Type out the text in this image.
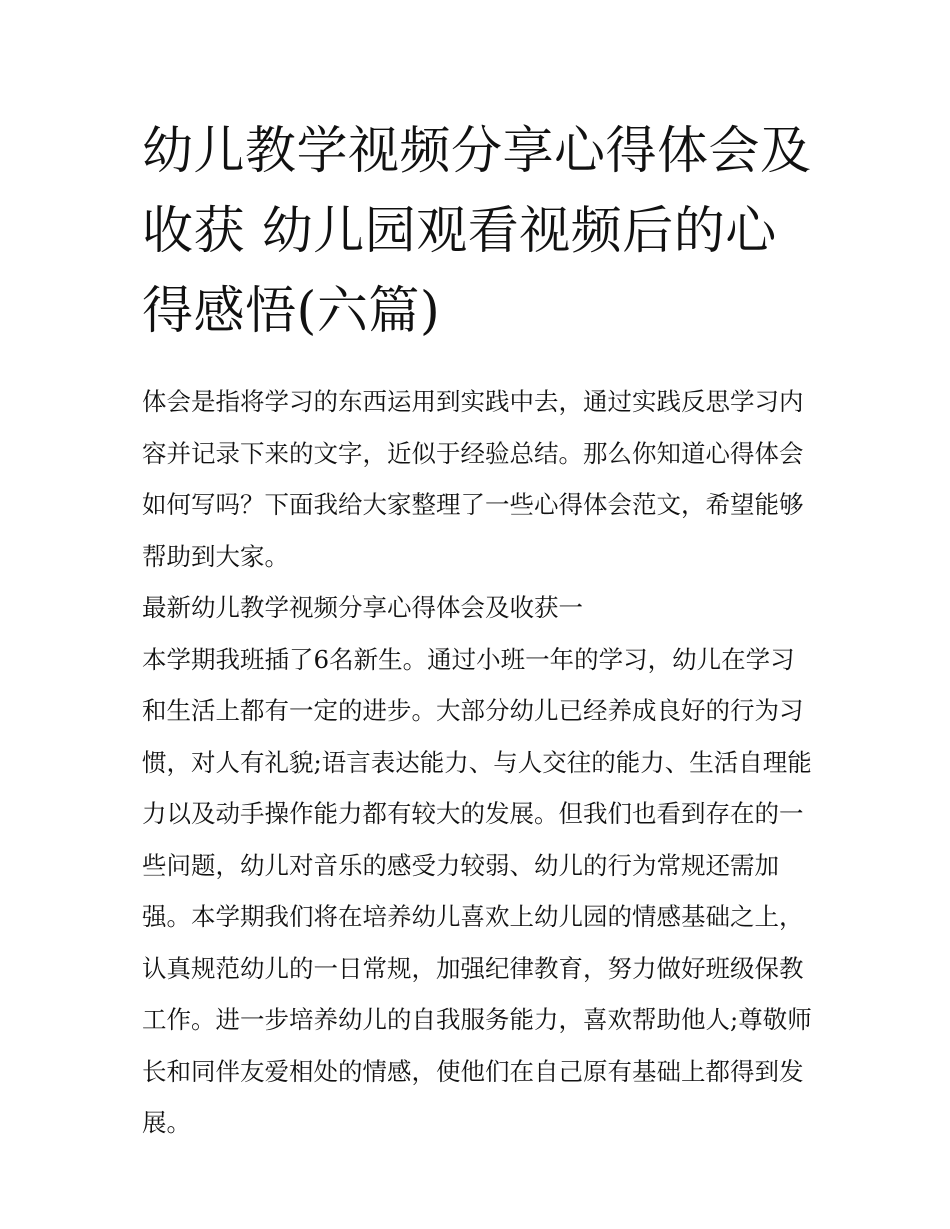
幼儿教学视频分享心得体会及收获 幼儿园观看视频后的心得感悟(六篇)

体会是指将学习的东西运用到实践中去，通过实践反思学习内容并记录下来的文字，近似于经验总结。那么你知道心得体会如何写吗？下面我给大家整理了一些心得体会范文，希望能够帮助到大家。

最新幼儿教学视频分享心得体会及收获一

本学期我班插了6名新生。通过小班一年的学习，幼儿在学习和生活上都有一定的进步。大部分幼儿已经养成良好的行为习惯，对人有礼貌;语言表达能力、与人交往的能力、生活自理能力以及动手操作能力都有较大的发展。但我们也看到存在的一些问题，幼儿对音乐的感受力较弱、幼儿的行为常规还需加强。本学期我们将在培养幼儿喜欢上幼儿园的情感基础之上，认真规范幼儿的一日常规，加强纪律教育，努力做好班级保教工作。进一步培养幼儿的自我服务能力，喜欢帮助他人;尊敬师长和同伴友爱相处的情感，使他们在自己原有基础上都得到发展。
